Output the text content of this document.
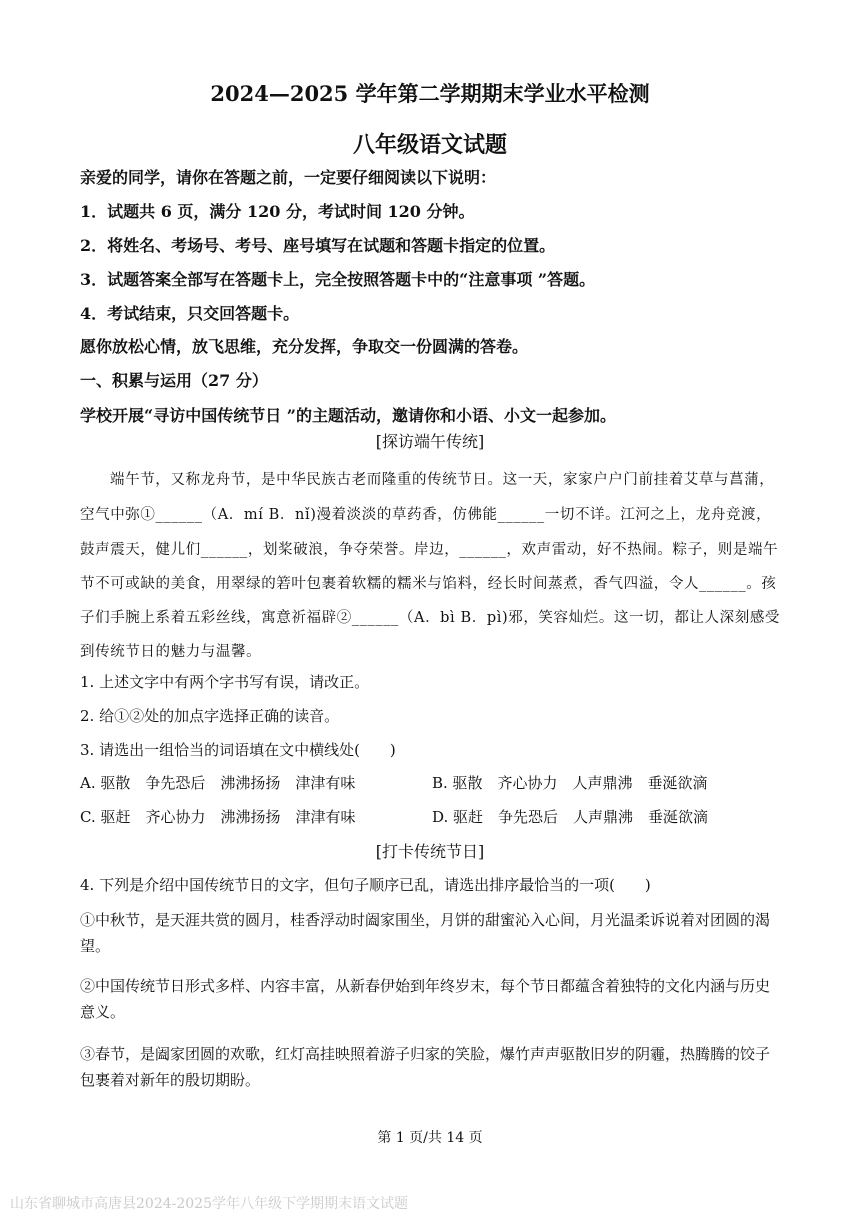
2024—2025 学年第二学期期末学业水平检测
八年级语文试题
亲爱的同学，请你在答题之前，一定要仔细阅读以下说明：
1．试题共 6 页，满分 120 分，考试时间 120 分钟。
2．将姓名、考场号、考号、座号填写在试题和答题卡指定的位置。
3．试题答案全部写在答题卡上，完全按照答题卡中的“注意事项 ”答题。
4．考试结束，只交回答题卡。
愿你放松心情，放飞思维，充分发挥，争取交一份圆满的答卷。
一、积累与运用（27 分）
学校开展“寻访中国传统节日 ”的主题活动，邀请你和小语、小文一起参加。
[探访端午传统]
端午节，又称龙舟节，是中华民族古老而隆重的传统节日。这一天，家家户户门前挂着艾草与菖蒲，
空气中弥①______（A．mí B．nǐ)漫着淡淡的草药香，仿佛能______一切不详。江河之上，龙舟竞渡，
鼓声震天，健儿们______，划桨破浪，争夺荣誉。岸边，______，欢声雷动，好不热闹。粽子，则是端午
节不可或缺的美食，用翠绿的箬叶包裹着软糯的糯米与馅料，经长时间蒸煮，香气四溢，令人______。孩
子们手腕上系着五彩丝线，寓意祈福辟②______（A．bì B．pì)邪，笑容灿烂。这一切，都让人深刻感受
到传统节日的魅力与温馨。
1. 上述文字中有两个字书写有误，请改正。
2. 给①②处的加点字选择正确的读音。
3. 请选出一组恰当的词语填在文中横线处(　　)
A. 驱散　争先恐后　沸沸扬扬　津津有味	B. 驱散　齐心协力　人声鼎沸　垂涎欲滴
C. 驱赶　齐心协力　沸沸扬扬　津津有味	D. 驱赶　争先恐后　人声鼎沸　垂涎欲滴
[打卡传统节日]
4. 下列是介绍中国传统节日的文字，但句子顺序已乱，请选出排序最恰当的一项(　　)
①中秋节，是天涯共赏的圆月，桂香浮动时阖家围坐，月饼的甜蜜沁入心间，月光温柔诉说着对团圆的渴
望。
②中国传统节日形式多样、内容丰富，从新春伊始到年终岁末，每个节日都蕴含着独特的文化内涵与历史
意义。
③春节，是阖家团圆的欢歌，红灯高挂映照着游子归家的笑脸，爆竹声声驱散旧岁的阴霾，热腾腾的饺子
包裹着对新年的殷切期盼。
第 1 页/共 14 页
山东省聊城市高唐县2024-2025学年八年级下学期期末语文试题
